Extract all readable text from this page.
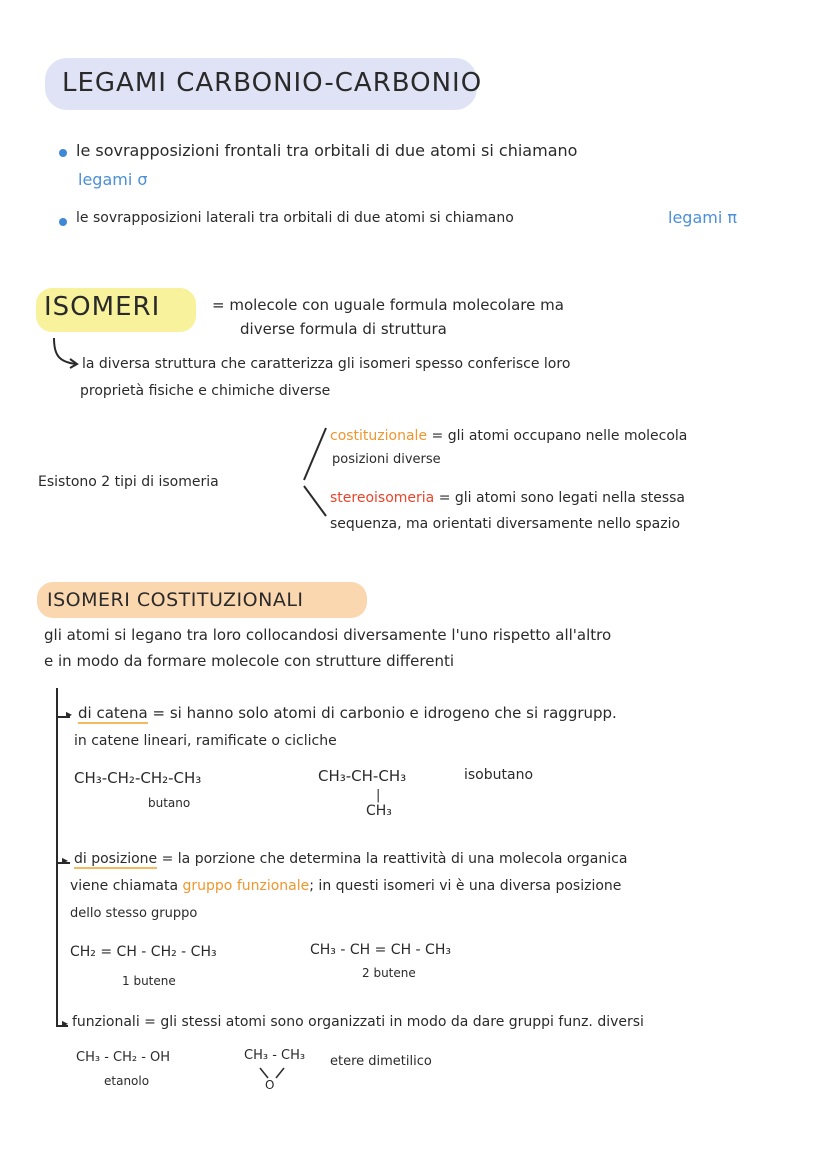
LEGAMI CARBONIO-CARBONIO
le sovrapposizioni frontali tra orbitali di due atomi si chiamano
legami σ
le sovrapposizioni laterali tra orbitali di due atomi si chiamano	legami π
ISOMERI	= molecole con uguale formula molecolare ma
diverse formula di struttura
la diversa struttura che caratterizza gli isomeri spesso conferisce loro
proprietà fisiche e chimiche diverse
Esistono 2 tipi di isomeria
costituzionale = gli atomi occupano nelle molecola
posizioni diverse
stereoisomeria = gli atomi sono legati nella stessa
sequenza, ma orientati diversamente nello spazio
ISOMERI COSTITUZIONALI
gli atomi si legano tra loro collocandosi diversamente l'uno rispetto all'altro
e in modo da formare molecole con strutture differenti
▸ di catena = si hanno solo atomi di carbonio e idrogeno che si raggrupp.
in catene lineari, ramificate o cicliche
CH₃-CH₂-CH₂-CH₃
butano
CH₃-CH-CH₃
|
CH₃
isobutano
▸ di posizione = la porzione che determina la reattività di una molecola organica
viene chiamata gruppo funzionale; in questi isomeri vi è una diversa posizione
dello stesso gruppo
CH₂ = CH - CH₂ - CH₃
1 butene
CH₃ - CH = CH - CH₃
2 butene
▸ funzionali = gli stessi atomi sono organizzati in modo da dare gruppi funz. diversi
CH₃ - CH₂ - OH
etanolo
CH₃ - CH₃
O
etere dimetilico
